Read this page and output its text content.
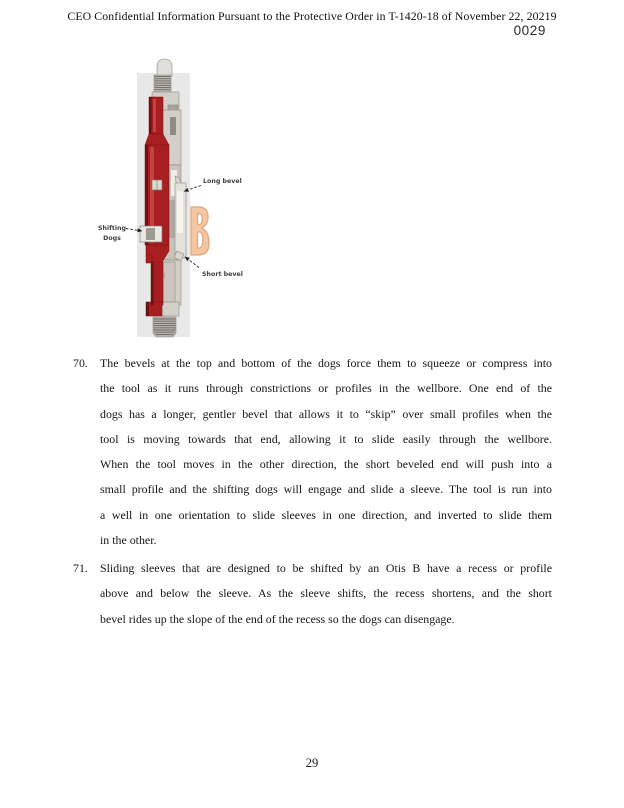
CEO Confidential Information Pursuant to the Protective Order in T-1420-18 of November 22, 20219
0029
Long bevel
Shifting
Dogs
Short bevel
70.	The bevels at the top and bottom of the dogs force them to squeeze or compress into
the tool as it runs through constrictions or profiles in the wellbore. One end of the
dogs has a longer, gentler bevel that allows it to “skip” over small profiles when the
tool is moving towards that end, allowing it to slide easily through the wellbore.
When the tool moves in the other direction, the short beveled end will push into a
small profile and the shifting dogs will engage and slide a sleeve. The tool is run into
a well in one orientation to slide sleeves in one direction, and inverted to slide them
in the other.
71.	Sliding sleeves that are designed to be shifted by an Otis B have a recess or profile
above and below the sleeve. As the sleeve shifts, the recess shortens, and the short
bevel rides up the slope of the end of the recess so the dogs can disengage.
29
